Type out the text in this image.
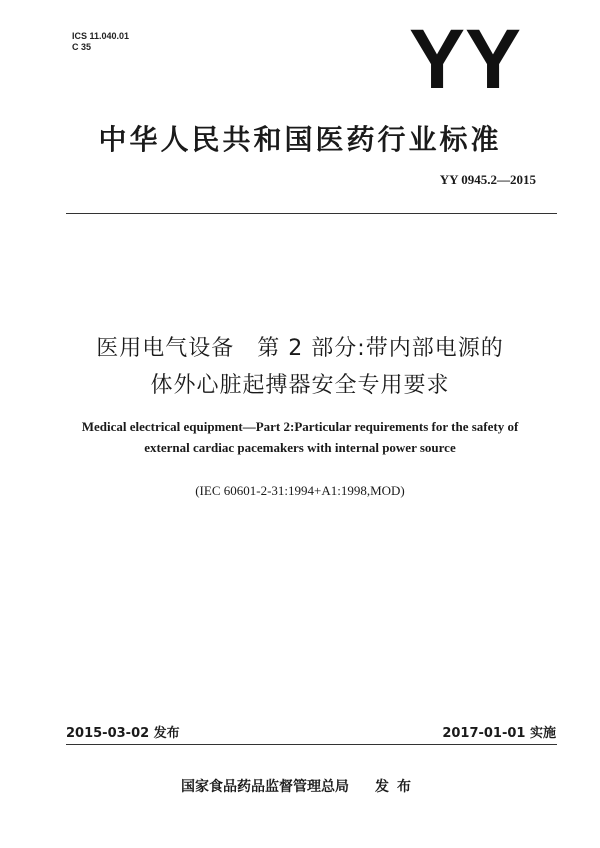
ICS 11.040.01
C 35	YY
中华人民共和国医药行业标准
YY 0945.2—2015
医用电气设备　第 2 部分:带内部电源的
体外心脏起搏器安全专用要求
Medical electrical equipment—Part 2:Particular requirements for the safety of
external cardiac pacemakers with internal power source
(IEC 60601-2-31:1994+A1:1998,MOD)
2015-03-02 发布	2017-01-01 实施
国家食品药品监督管理总局 发布
